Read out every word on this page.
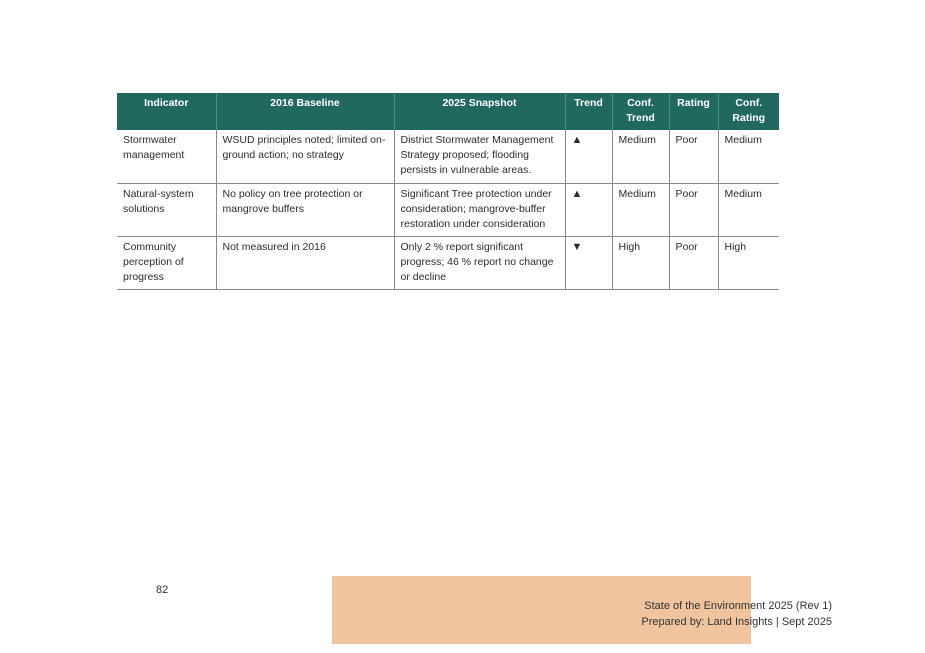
Indicator	2016 Baseline	2025 Snapshot	Trend	Conf. Trend	Rating	Conf. Rating
Stormwater management	WSUD principles noted; limited on-ground action; no strategy	District Stormwater Management Strategy proposed; flooding persists in vulnerable areas.	▲	Medium	Poor	Medium
Natural-system solutions	No policy on tree protection or mangrove buffers	Significant Tree protection under consideration; mangrove-buffer restoration under consideration	▲	Medium	Poor	Medium
Community perception of progress	Not measured in 2016	Only 2 % report significant progress; 46 % report no change or decline	▼	High	Poor	High
82
State of the Environment 2025 (Rev 1)
Prepared by: Land Insights | Sept 2025
